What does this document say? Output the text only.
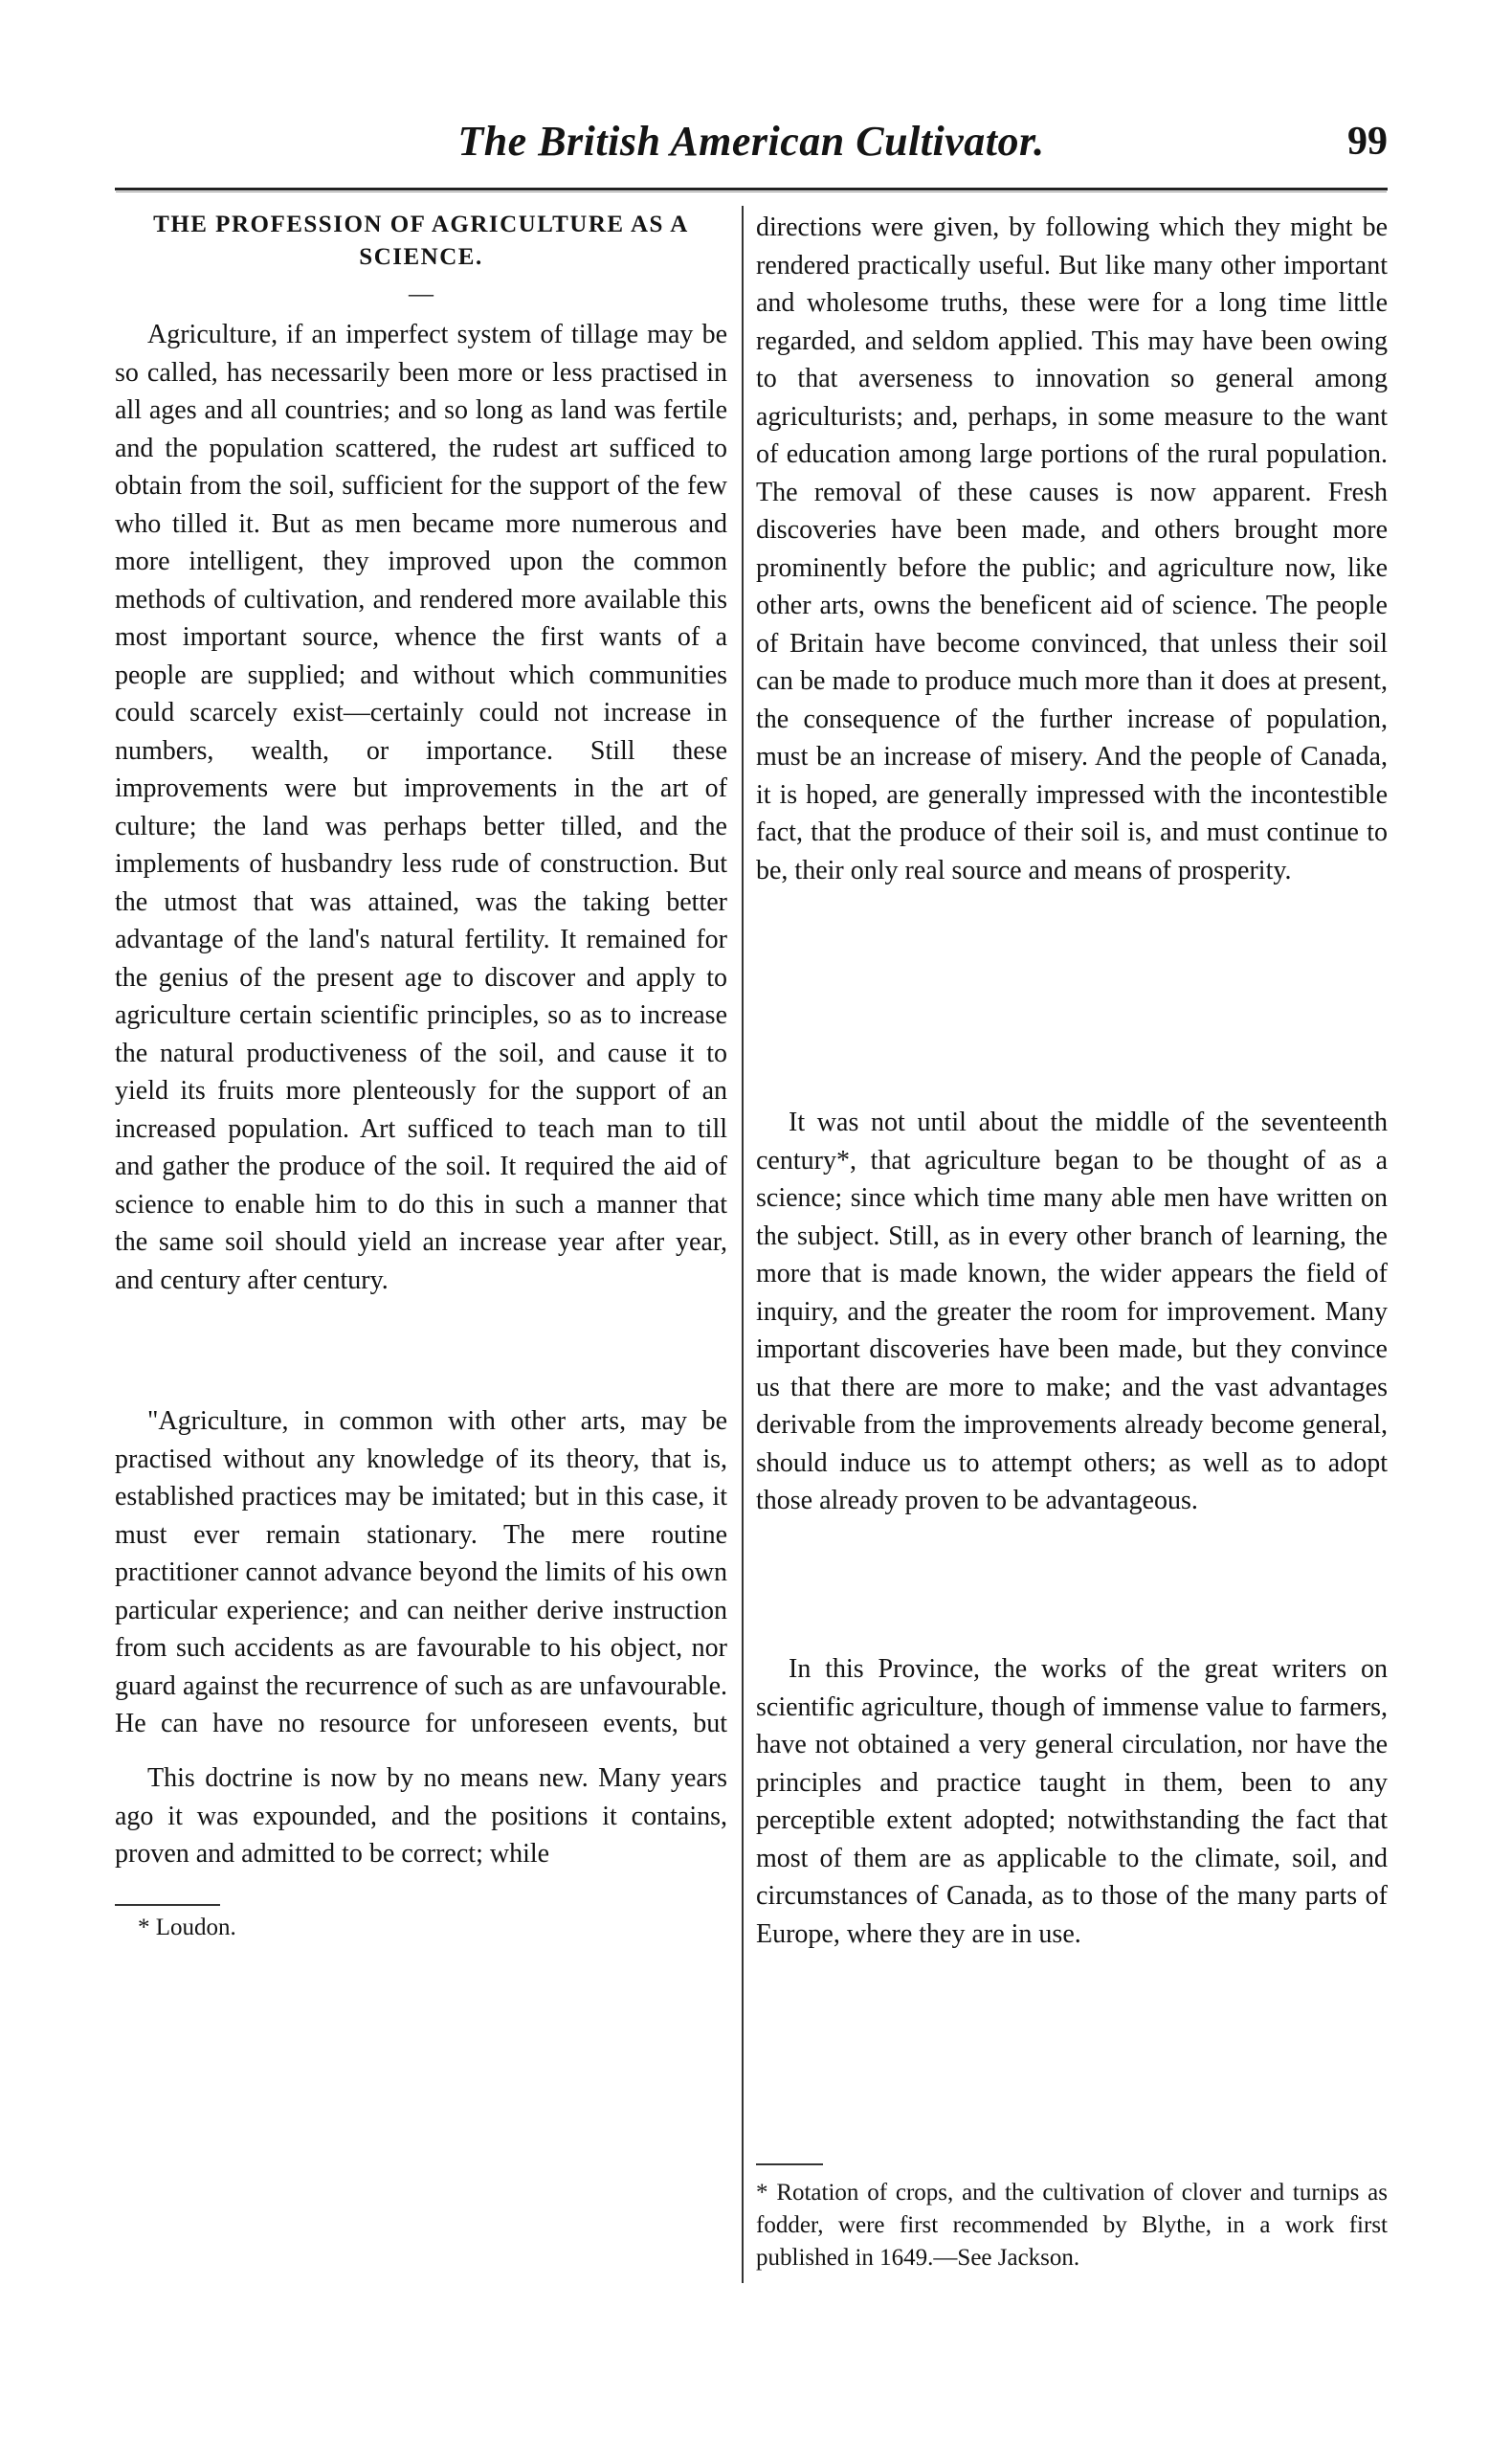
The British American Cultivator.	99
THE PROFESSION OF AGRICULTURE AS A SCIENCE.
—

Agriculture, if an imperfect system of tillage may be so called, has necessarily been more or less practised in all ages and all countries; and so long as land was fertile and the population scattered, the rudest art sufficed to obtain from the soil, sufficient for the support of the few who tilled it. But as men became more numerous and more intelligent, they improved upon the common methods of cultivation, and rendered more available this most important source, whence the first wants of a people are supplied; and without which communities could scarcely exist—certainly could not increase in numbers, wealth, or importance. Still these improvements were but improvements in the art of culture; the land was perhaps better tilled, and the implements of husbandry less rude of construction. But the utmost that was attained, was the taking better advantage of the land's natural fertility. It remained for the genius of the present age to discover and apply to agriculture certain scientific principles, so as to increase the natural productiveness of the soil, and cause it to yield its fruits more plenteously for the support of an increased population. Art sufficed to teach man to till and gather the produce of the soil. It required the aid of science to enable him to do this in such a manner that the same soil should yield an increase year after year, and century after century.

"Agriculture, in common with other arts, may be practised without any knowledge of its theory, that is, established practices may be imitated; but in this case, it must ever remain stationary. The mere routine practitioner cannot advance beyond the limits of his own particular experience; and can neither derive instruction from such accidents as are favourable to his object, nor guard against the recurrence of such as are unfavourable. He can have no resource for unforeseen events, but

This doctrine is now by no means new. Many years ago it was expounded, and the positions it contains, proven and admitted to be correct; while

* Loudon.

directions were given, by following which they might be rendered practically useful. But like many other important and wholesome truths, these were for a long time little regarded, and seldom applied. This may have been owing to that averseness to innovation so general among agriculturists; and, perhaps, in some measure to the want of education among large portions of the rural population. The removal of these causes is now apparent. Fresh discoveries have been made, and others brought more prominently before the public; and agriculture now, like other arts, owns the beneficent aid of science. The people of Britain have become convinced, that unless their soil can be made to produce much more than it does at present, the consequence of the further increase of population, must be an increase of misery. And the people of Canada, it is hoped, are generally impressed with the incontestible fact, that the produce of their soil is, and must continue to be, their only real source and means of prosperity.

It was not until about the middle of the seventeenth century*, that agriculture began to be thought of as a science; since which time many able men have written on the subject. Still, as in every other branch of learning, the more that is made known, the wider appears the field of inquiry, and the greater the room for improvement. Many important discoveries have been made, but they convince us that there are more to make; and the vast advantages derivable from the improvements already become general, should induce us to attempt others; as well as to adopt those already proven to be advantageous.

In this Province, the works of the great writers on scientific agriculture, though of immense value to farmers, have not obtained a very general circulation, nor have the principles and practice taught in them, been to any perceptible extent adopted; notwithstanding the fact that most of them are as applicable to the climate, soil, and circumstances of Canada, as to those of the many parts of Europe, where they are in use.

* Rotation of crops, and the cultivation of clover and turnips as fodder, were first recommended by Blythe, in a work first published in 1649.—See Jackson.
